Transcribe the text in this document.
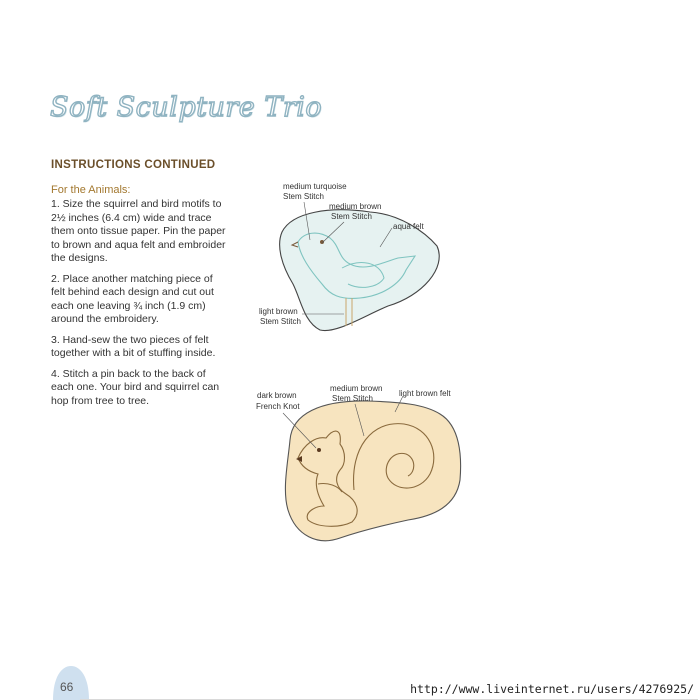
Soft Sculpture Trio
INSTRUCTIONS CONTINUED
For the Animals:

1. Size the squirrel and bird motifs to 2½ inches (6.4 cm) wide and trace them onto tissue paper. Pin the paper to brown and aqua felt and embroider the designs.

2. Place another matching piece of felt behind each design and cut out each one leaving ¾ inch (1.9 cm) around the embroidery.

3. Hand-sew the two pieces of felt together with a bit of stuffing inside.

4. Stitch a pin back to the back of each one. Your bird and squirrel can hop from tree to tree.

medium turquoise
Stem Stitch
medium brown
Stem Stitch
aqua felt
light brown
Stem Stitch
dark brown
French Knot
medium brown
Stem Stitch
light brown felt
66	http://www.liveinternet.ru/users/4276925/
